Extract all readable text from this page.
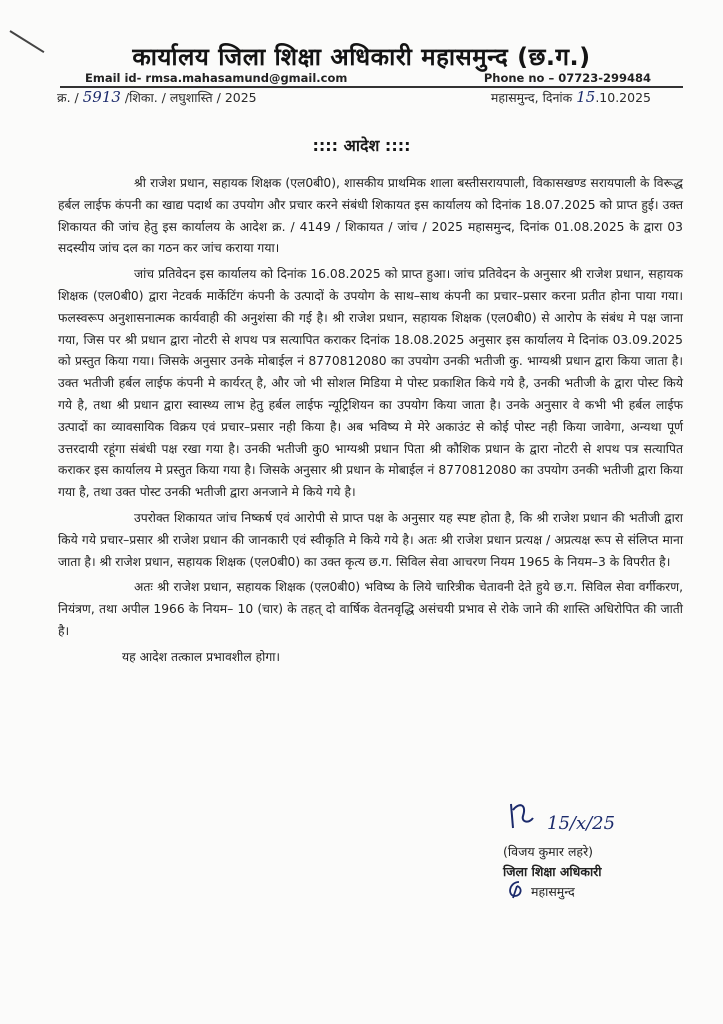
कार्यालय जिला शिक्षा अधिकारी महासमुन्द (छ.ग.)
Email id- rmsa.mahasamund@gmail.com	Phone no – 07723-299484
क्र. / 5913 /शिका. / लघुशास्ति / 2025	महासमुन्द, दिनांक 15.10.2025
:::: आदेश ::::

श्री राजेश प्रधान, सहायक शिक्षक (एल0बी0), शासकीय प्राथमिक शाला बस्तीसरायपाली, विकासखण्ड सरायपाली के विरूद्ध हर्बल लाईफ कंपनी का खाद्य पदार्थ का उपयोग और प्रचार करने संबंधी शिकायत इस कार्यालय को दिनांक 18.07.2025 को प्राप्त हुई। उक्त शिकायत की जांच हेतु इस कार्यालय के आदेश क्र. / 4149 / शिकायत / जांच / 2025 महासमुन्द, दिनांक 01.08.2025 के द्वारा 03 सदस्यीय जांच दल का गठन कर जांच कराया गया।

जांच प्रतिवेदन इस कार्यालय को दिनांक 16.08.2025 को प्राप्त हुआ। जांच प्रतिवेदन के अनुसार श्री राजेश प्रधान, सहायक शिक्षक (एल0बी0) द्वारा नेटवर्क मार्केटिंग कंपनी के उत्पादों के उपयोग के साथ–साथ कंपनी का प्रचार–प्रसार करना प्रतीत होना पाया गया। फलस्वरूप अनुशासनात्मक कार्यवाही की अनुशंसा की गई है। श्री राजेश प्रधान, सहायक शिक्षक (एल0बी0) से आरोप के संबंध मे पक्ष जाना गया, जिस पर श्री प्रधान द्वारा नोटरी से शपथ पत्र सत्यापित कराकर दिनांक 18.08.2025 अनुसार इस कार्यालय मे दिनांक 03.09.2025 को प्रस्तुत किया गया। जिसके अनुसार उनके मोबाईल नं 8770812080 का उपयोग उनकी भतीजी कु. भाग्यश्री प्रधान द्वारा किया जाता है। उक्त भतीजी हर्बल लाईफ कंपनी मे कार्यरत् है, और जो भी सोशल मिडिया मे पोस्ट प्रकाशित किये गये है, उनकी भतीजी के द्वारा पोस्ट किये गये है, तथा श्री प्रधान द्वारा स्वास्थ्य लाभ हेतु हर्बल लाईफ न्यूट्रिशियन का उपयोग किया जाता है। उनके अनुसार वे कभी भी हर्बल लाईफ उत्पादों का व्यावसायिक विक्रय एवं प्रचार–प्रसार नही किया है। अब भविष्य मे मेरे अकाउंट से कोई पोस्ट नही किया जावेगा, अन्यथा पूर्ण उत्तरदायी रहूंगा संबंधी पक्ष रखा गया है। उनकी भतीजी कु0 भाग्यश्री प्रधान पिता श्री कौशिक प्रधान के द्वारा नोटरी से शपथ पत्र सत्यापित कराकर इस कार्यालय मे प्रस्तुत किया गया है। जिसके अनुसार श्री प्रधान के मोबाईल नं 8770812080 का उपयोग उनकी भतीजी द्वारा किया गया है, तथा उक्त पोस्ट उनकी भतीजी द्वारा अनजाने मे किये गये है।

उपरोक्त शिकायत जांच निष्कर्ष एवं आरोपी से प्राप्त पक्ष के अनुसार यह स्पष्ट होता है, कि श्री राजेश प्रधान की भतीजी द्वारा किये गये प्रचार–प्रसार श्री राजेश प्रधान की जानकारी एवं स्वीकृति मे किये गये है। अतः श्री राजेश प्रधान प्रत्यक्ष / अप्रत्यक्ष रूप से संलिप्त माना जाता है। श्री राजेश प्रधान, सहायक शिक्षक (एल0बी0) का उक्त कृत्य छ.ग. सिविल सेवा आचरण नियम 1965 के नियम–3 के विपरीत है।

अतः श्री राजेश प्रधान, सहायक शिक्षक (एल0बी0) भविष्य के लिये चारित्रीक चेतावनी देते हुये छ.ग. सिविल सेवा वर्गीकरण, नियंत्रण, तथा अपील 1966 के नियम– 10 (चार) के तहत् दो वार्षिक वेतनवृद्धि असंचयी प्रभाव से रोके जाने की शास्ति अधिरोपित की जाती है।

यह आदेश तत्काल प्रभावशील होगा।

15/x/25
(विजय कुमार लहरे)
जिला शिक्षा अधिकारी
महासमुन्द
